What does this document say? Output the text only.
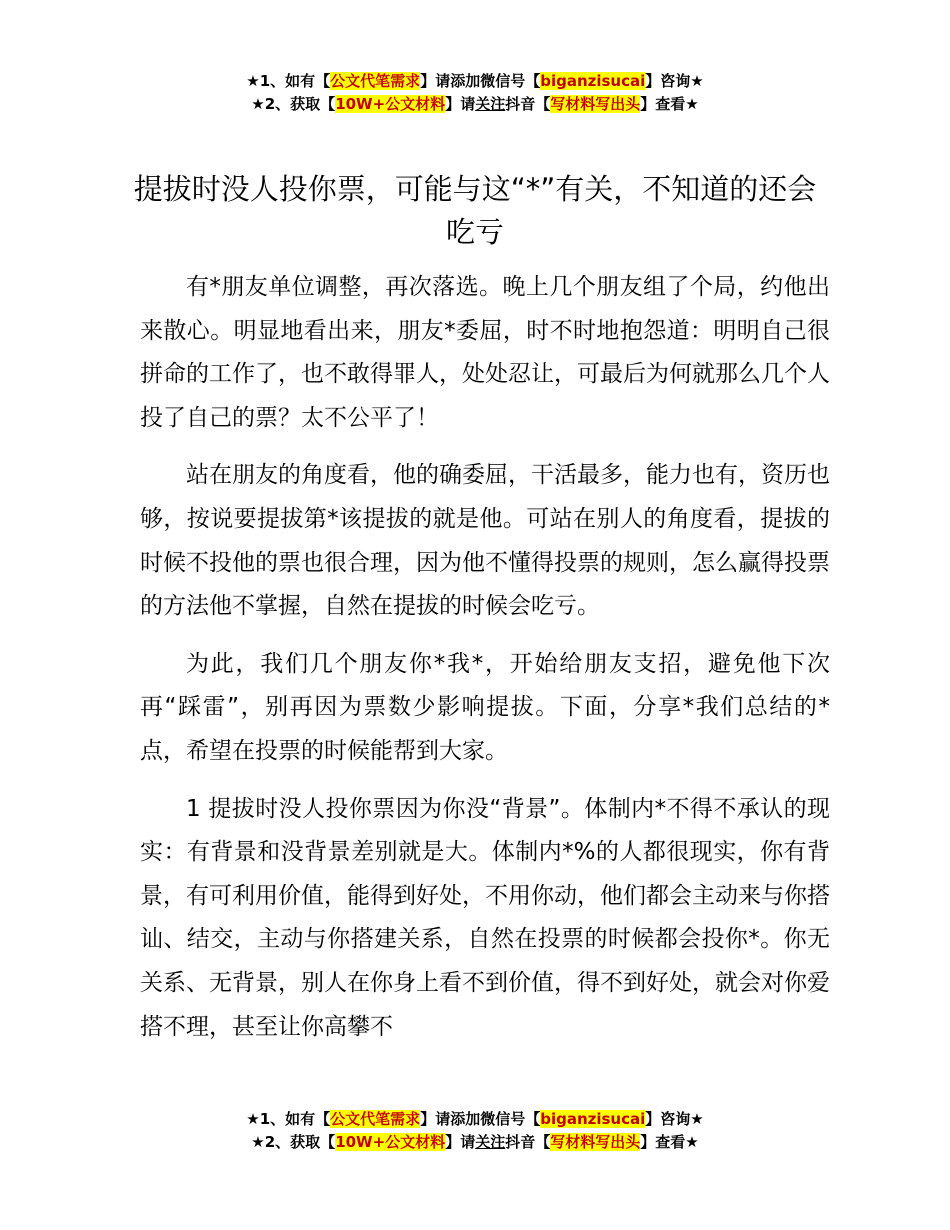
★1、如有【公文代笔需求】请添加微信号【biganzisucai】咨询★
★2、获取【10W+公文材料】请关注抖音【写材料写出头】查看★
提拔时没人投你票，可能与这“*”有关，不知道的还会吃亏

有*朋友单位调整，再次落选。晚上几个朋友组了个局，约他出来散心。明显地看出来，朋友*委屈，时不时地抱怨道：明明自己很拼命的工作了，也不敢得罪人，处处忍让，可最后为何就那么几个人投了自己的票？太不公平了！

站在朋友的角度看，他的确委屈，干活最多，能力也有，资历也够，按说要提拔第*该提拔的就是他。可站在别人的角度看，提拔的时候不投他的票也很合理，因为他不懂得投票的规则，怎么赢得投票的方法他不掌握，自然在提拔的时候会吃亏。

为此，我们几个朋友你*我*，开始给朋友支招，避免他下次再“踩雷”，别再因为票数少影响提拔。下面，分享*我们总结的*点，希望在投票的时候能帮到大家。

1 提拔时没人投你票因为你没“背景”。体制内*不得不承认的现实：有背景和没背景差别就是大。体制内*%的人都很现实，你有背景，有可利用价值，能得到好处，不用你动，他们都会主动来与你搭讪、结交，主动与你搭建关系，自然在投票的时候都会投你*。你无关系、无背景，别人在你身上看不到价值，得不到好处，就会对你爱搭不理，甚至让你高攀不

★1、如有【公文代笔需求】请添加微信号【biganzisucai】咨询★
★2、获取【10W+公文材料】请关注抖音【写材料写出头】查看★
